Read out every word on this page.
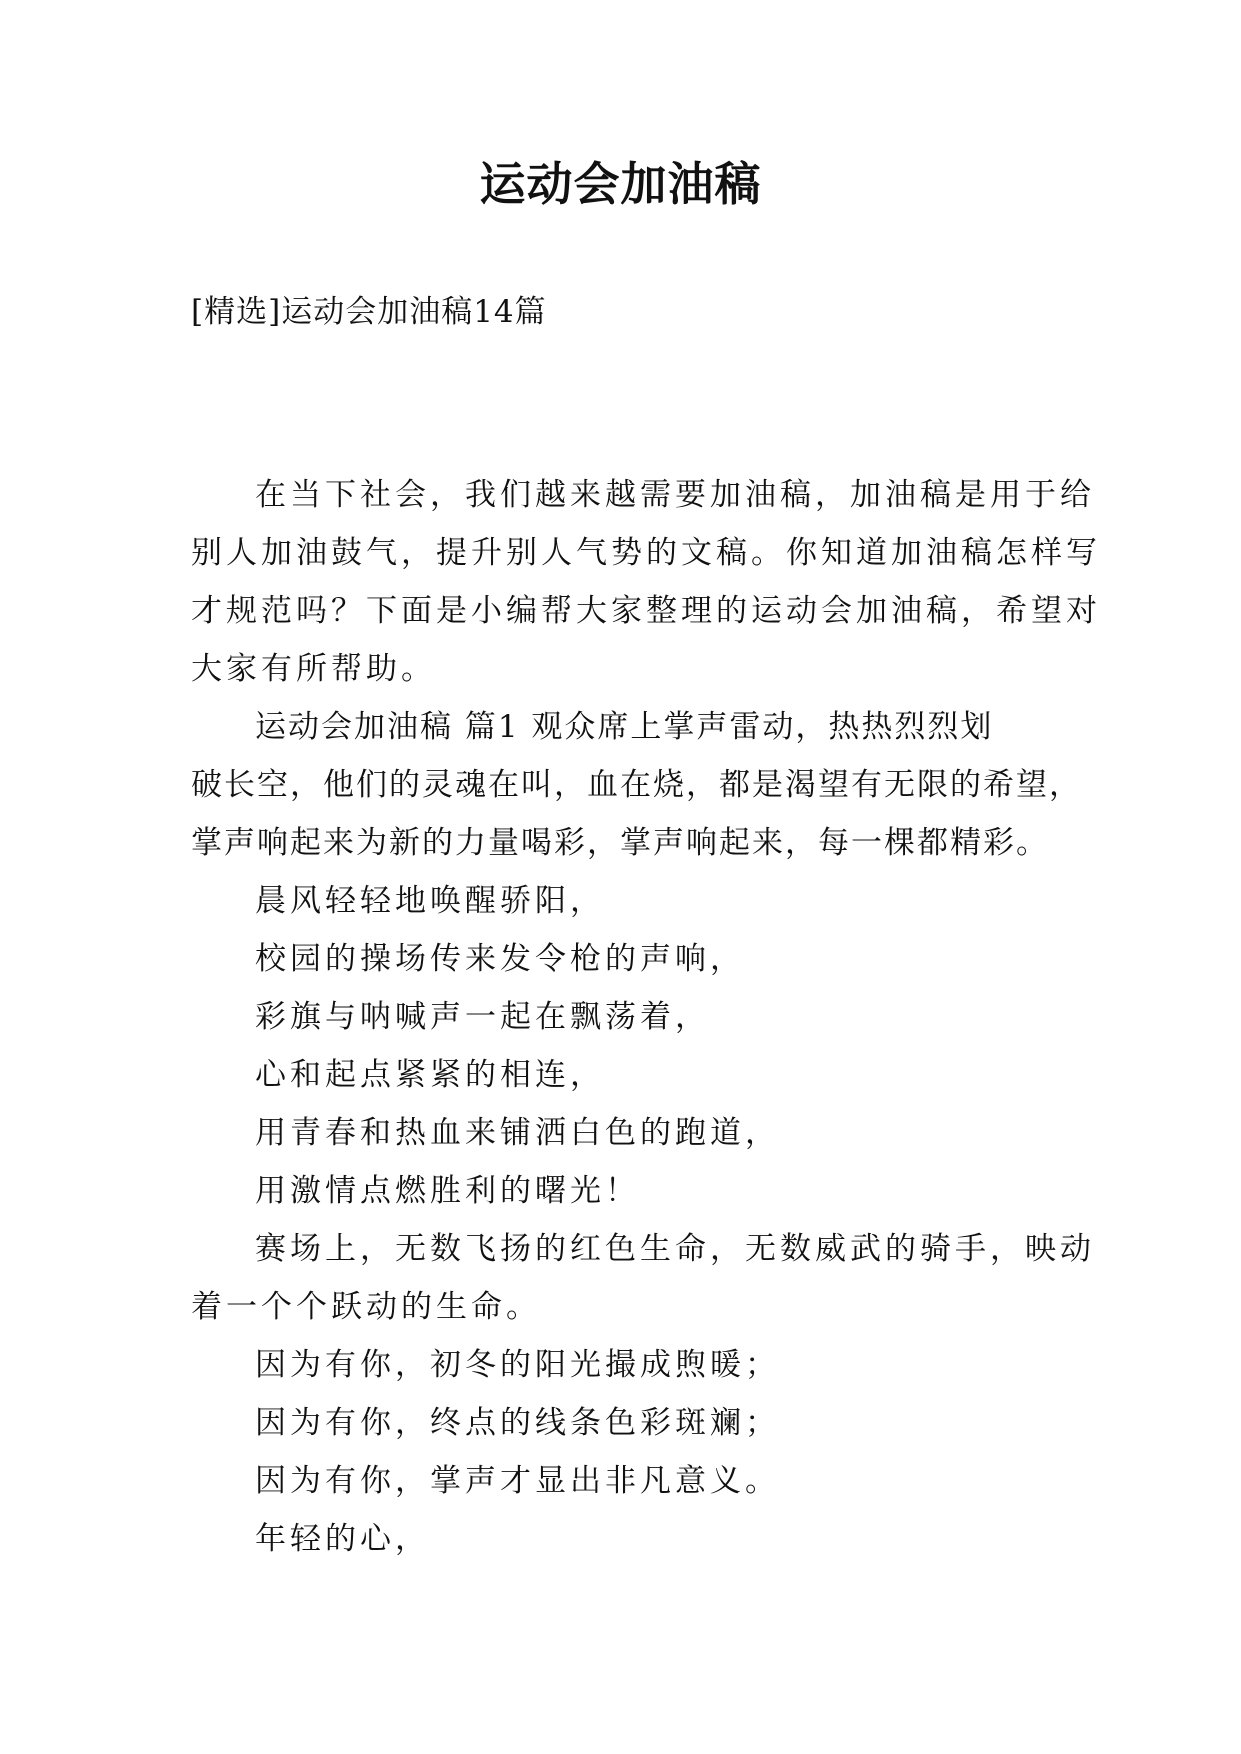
运动会加油稿
[精选]运动会加油稿14篇
在当下社会，我们越来越需要加油稿，加油稿是用于给
别人加油鼓气，提升别人气势的文稿。你知道加油稿怎样写
才规范吗？下面是小编帮大家整理的运动会加油稿，希望对
大家有所帮助。
运动会加油稿 篇1 观众席上掌声雷动，热热烈烈划
破长空，他们的灵魂在叫，血在烧，都是渴望有无限的希望，
掌声响起来为新的力量喝彩，掌声响起来，每一棵都精彩。
晨风轻轻地唤醒骄阳，
校园的操场传来发令枪的声响，
彩旗与呐喊声一起在飘荡着，
心和起点紧紧的相连，
用青春和热血来铺洒白色的跑道，
用激情点燃胜利的曙光！
赛场上，无数飞扬的红色生命，无数威武的骑手，映动
着一个个跃动的生命。
因为有你，初冬的阳光撮成煦暖；
因为有你，终点的线条色彩斑斓；
因为有你，掌声才显出非凡意义。
年轻的心，
